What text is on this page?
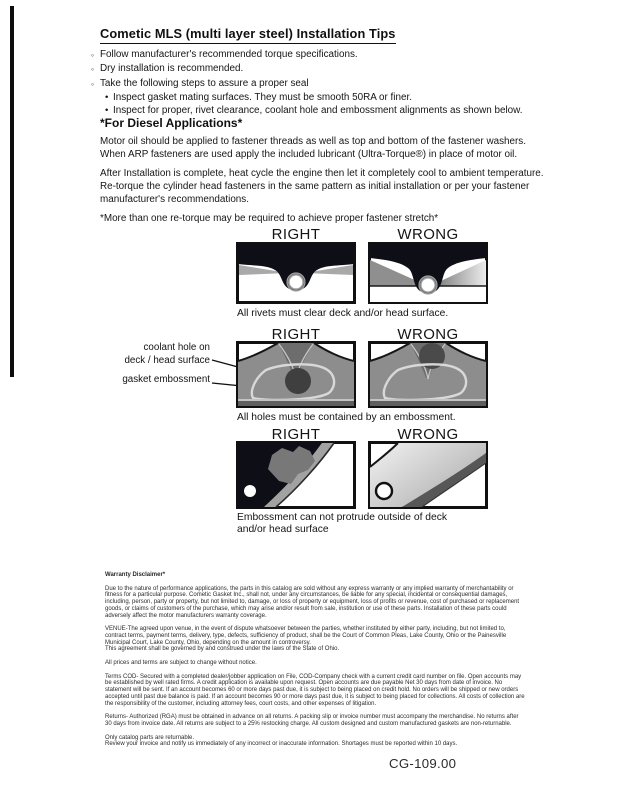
Cometic MLS (multi layer steel) Installation Tips
◦ Follow manufacturer's recommended torque specifications.
◦ Dry installation is recommended.
◦ Take the following steps to assure a proper seal
• Inspect gasket mating surfaces. They must be smooth 50RA or finer.
• Inspect for proper, rivet clearance, coolant hole and embossment alignments as shown below.
*For Diesel Applications*
Motor oil should be applied to fastener threads as well as top and bottom of the fastener washers. When ARP fasteners are used apply the included lubricant (Ultra-Torque®) in place of motor oil.
After Installation is complete, heat cycle the engine then let it completely cool to ambient temperature. Re-torque the cylinder head fasteners in the same pattern as initial installation or per your fastener manufacturer's recommendations.
*More than one re-torque may be required to achieve proper fastener stretch*
RIGHT	WRONG
All rivets must clear deck and/or head surface.
RIGHT	WRONG
coolant hole on
deck / head surface
gasket embossment
All holes must be contained by an embossment.
RIGHT	WRONG
Embossment can not protrude outside of deck
and/or head surface
Warranty Disclaimer*

Due to the nature of performance applications, the parts in this catalog are sold without any express warranty or any implied warranty of merchantability or fitness for a particular purpose. Cometic Gasket Inc., shall not, under any circumstances, be liable for any special, incidental or consequential damages, including, person, party or property, but not limited to, damage, or loss of property or equipment, loss of profits or revenue, cost of purchased or replacement goods, or claims of customers of the purchase, which may arise and/or result from sale, institution or use of these parts. Installation of these parts could adversely affect the motor manufacturers warranty coverage.

VENUE-The agreed upon venue, in the event of dispute whatsoever between the parties, whether instituted by either party, including, but not limited to, contract terms, payment terms, delivery, type, defects, sufficiency of product, shall be the Court of Common Pleas, Lake County, Ohio or the Painesville Municipal Court, Lake County, Ohio, depending on the amount in controversy.

This agreement shall be governed by and construed under the laws of the State of Ohio.

All prices and terms are subject to change without notice.

Terms COD- Secured with a completed dealer/jobber application on File, COD-Company check with a current credit card number on file. Open accounts may be established by well rated firms. A credit application is available upon request. Open accounts are due payable Net 30 days from date of invoice. No statement will be sent. If an account becomes 60 or more days past due, it is subject to being placed on credit hold. No orders will be shipped or new orders accepted until past due balance is paid. If an account becomes 90 or more days past due, it is subject to being placed for collections. All costs of collection are the responsibility of the customer, including attorney fees, court costs, and other expenses of litigation.

Returns- Authorized (RGA) must be obtained in advance on all returns. A packing slip or invoice number must accompany the merchandise. No returns after 30 days from invoice date. All returns are subject to a 25% restocking charge. All custom designed and custom manufactured gaskets are non-returnable.

Only catalog parts are returnable.

Review your invoice and notify us immediately of any incorrect or inaccurate information. Shortages must be reported within 10 days.

CG-109.00
